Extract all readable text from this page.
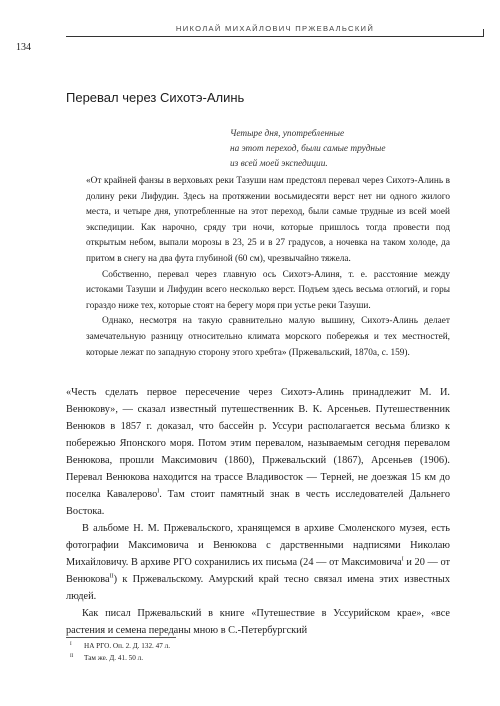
НИКОЛАЙ МИХАЙЛОВИЧ ПРЖЕВАЛЬСКИЙ
134
Перевал через Сихотэ-Алинь
Четыре дня, употребленные
на этот переход, были самые трудные
из всей моей экспедиции.

«От крайней фанзы в верховьях реки Тазуши нам предстоял перевал через Сихотэ-Алинь в долину реки Лифудин. Здесь на протяжении восьмидесяти верст нет ни одного жилого места, и четыре дня, употребленные на этот переход, были самые трудные из всей моей экспедиции. Как нарочно, сряду три ночи, которые пришлось тогда провести под открытым небом, выпали морозы в 23, 25 и в 27 градусов, а ночевка на таком холоде, да притом в снегу на два фута глубиной (60 см), чрезвычайно тяжела.

Собственно, перевал через главную ось Сихотэ-Алиня, т. е. расстояние между истоками Тазуши и Лифудин всего несколько верст. Подъем здесь весьма отлогий, и горы гораздо ниже тех, которые стоят на берегу моря при устье реки Тазуши.

Однако, несмотря на такую сравнительно малую вышину, Сихотэ-Алинь делает замечательную разницу относительно климата морского побережья и тех местностей, которые лежат по западную сторону этого хребта» (Пржевальский, 1870а, с. 159).

«Честь сделать первое пересечение через Сихотэ-Алинь принадлежит М. И. Венюкову», — сказал известный путешественник В. К. Арсеньев. Путешественник Венюков в 1857 г. доказал, что бассейн р. Уссури располагается весьма близко к побережью Японского моря. Потом этим перевалом, называемым сегодня перевалом Венюкова, прошли Максимович (1860), Пржевальский (1867), Арсеньев (1906). Перевал Венюкова находится на трассе Владивосток — Терней, не доезжая 15 км до поселка Кавалерово$^I$. Там стоит памятный знак в честь исследователей Дальнего Востока.

В альбоме Н. М. Пржевальского, хранящемся в архиве Смоленского музея, есть фотографии Максимовича и Венюкова с дарственными надписями Николаю Михайловичу. В архиве РГО сохранились их письма (24 — от Максимовича$^I$ и 20 — от Венюкова$^{II}$) к Пржевальскому. Амурский край тесно связал имена этих известных людей.

Как писал Пржевальский в книге «Путешествие в Уссурийском крае», «все растения и семена переданы мною в С.-Петербургский

I НА РГО. Оп. 2. Д. 132. 47 л.
II Там же. Д. 41. 50 л.
